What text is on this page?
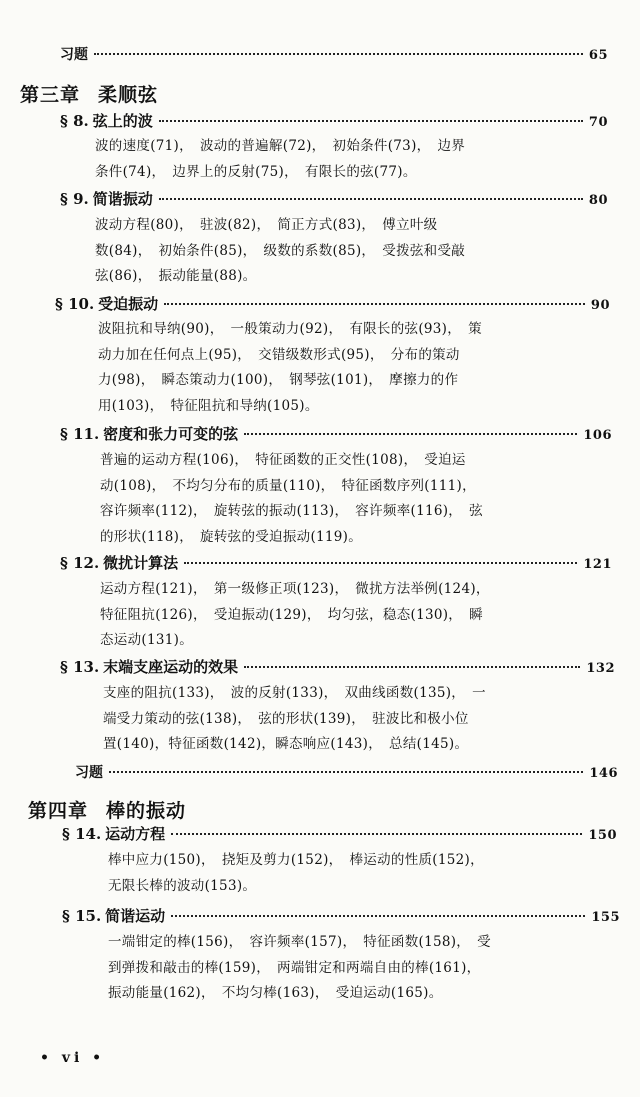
习题	65
第三章 柔顺弦
§ 8. 弦上的波	70
波的速度(71)，　波动的普遍解(72)，　初始条件(73)，　边界
条件(74)，　边界上的反射(75)，　有限长的弦(77)。
§ 9. 简谐振动	80
波动方程(80)，　驻波(82)，　简正方式(83)，　傅立叶级
数(84)，　初始条件(85)，　级数的系数(85)，　受拨弦和受敲
弦(86)，　振动能量(88)。
§ 10. 受迫振动	90
波阻抗和导纳(90)，　一般策动力(92)，　有限长的弦(93)，　策
动力加在任何点上(95)，　交错级数形式(95)，　分布的策动
力(98)，　瞬态策动力(100)，　钢琴弦(101)，　摩擦力的作
用(103)，　特征阻抗和导纳(105)。
§ 11. 密度和张力可变的弦	106
普遍的运动方程(106)，　特征函数的正交性(108)，　受迫运
动(108)，　不均匀分布的质量(110)，　特征函数序列(111)，
容许频率(112)，　旋转弦的振动(113)，　容许频率(116)，　弦
的形状(118)，　旋转弦的受迫振动(119)。
§ 12. 微扰计算法	121
运动方程(121)，　第一级修正项(123)，　微扰方法举例(124)，
特征阻抗(126)，　受迫振动(129)，　均匀弦，稳态(130)，　瞬
态运动(131)。
§ 13. 末端支座运动的效果	132
支座的阻抗(133)，　波的反射(133)，　双曲线函数(135)，　一
端受力策动的弦(138)，　弦的形状(139)，　驻波比和极小位
置(140)，特征函数(142)，瞬态响应(143)，　总结(145)。
习题	146
第四章 棒的振动
§ 14. 运动方程	150
棒中应力(150)，　挠矩及剪力(152)，　棒运动的性质(152)，
无限长棒的波动(153)。
§ 15. 简谐运动	155
一端钳定的棒(156)，　容许频率(157)，　特征函数(158)，　受
到弹拨和敲击的棒(159)，　两端钳定和两端自由的棒(161)，
振动能量(162)，　不均匀棒(163)，　受迫运动(165)。
• vi •
